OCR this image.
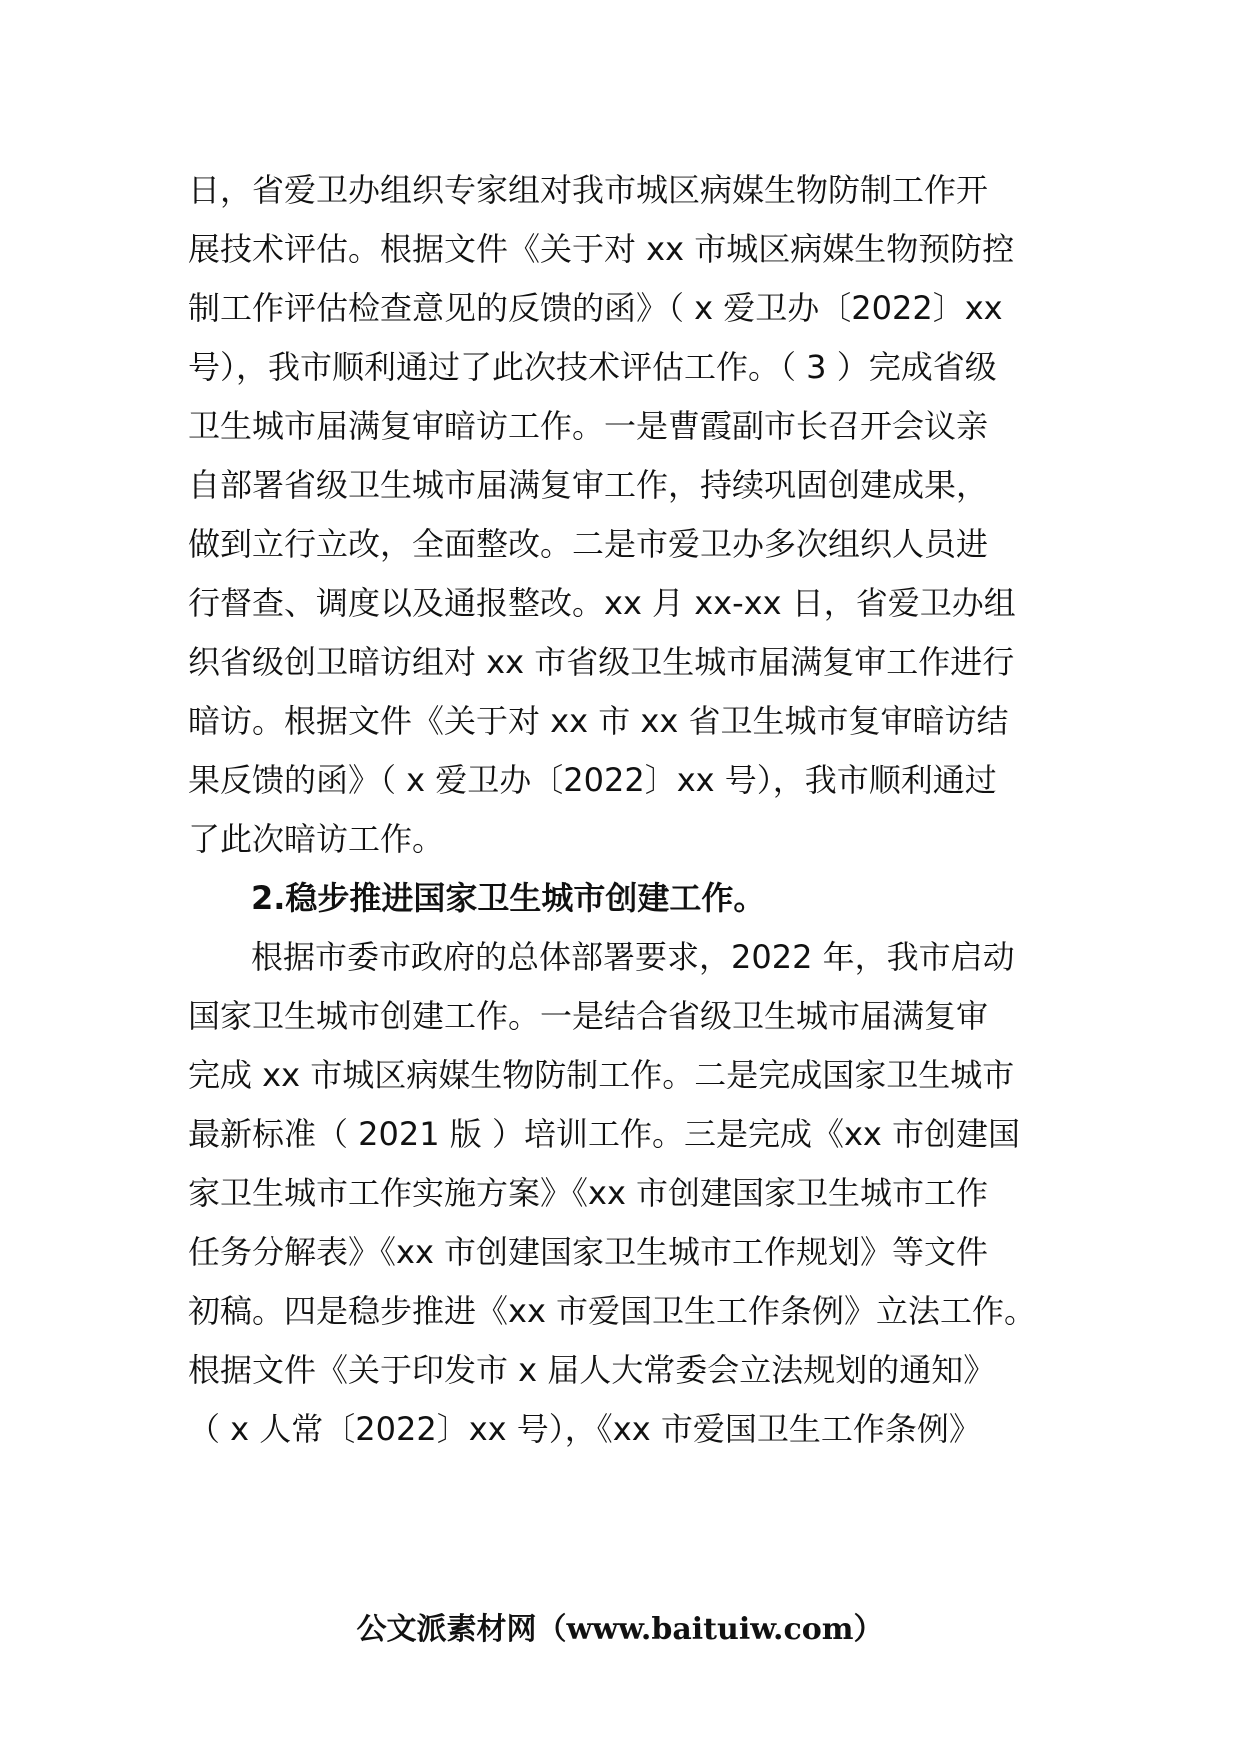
日，省爱卫办组织专家组对我市城区病媒生物防制工作开
展技术评估。根据文件《关于对 xx 市城区病媒生物预防控
制工作评估检查意见的反馈的函》（ x 爱卫办〔2022〕xx
号），我市顺利通过了此次技术评估工作。（ 3 ）完成省级
卫生城市届满复审暗访工作。一是曹霞副市长召开会议亲
自部署省级卫生城市届满复审工作，持续巩固创建成果，
做到立行立改，全面整改。二是市爱卫办多次组织人员进
行督查、调度以及通报整改。xx 月 xx-xx 日，省爱卫办组
织省级创卫暗访组对 xx 市省级卫生城市届满复审工作进行
暗访。根据文件《关于对 xx 市 xx 省卫生城市复审暗访结
果反馈的函》（ x 爱卫办〔2022〕xx 号），我市顺利通过
了此次暗访工作。
2.稳步推进国家卫生城市创建工作。
根据市委市政府的总体部署要求，2022 年，我市启动
国家卫生城市创建工作。一是结合省级卫生城市届满复审
完成 xx 市城区病媒生物防制工作。二是完成国家卫生城市
最新标准（ 2021 版 ）培训工作。三是完成《xx 市创建国
家卫生城市工作实施方案》《xx 市创建国家卫生城市工作
任务分解表》《xx 市创建国家卫生城市工作规划》等文件
初稿。四是稳步推进《xx 市爱国卫生工作条例》立法工作。
根据文件《关于印发市 x 届人大常委会立法规划的通知》
（ x 人常〔2022〕xx 号），《xx 市爱国卫生工作条例》
公文派素材网（www.baituiw.com）
